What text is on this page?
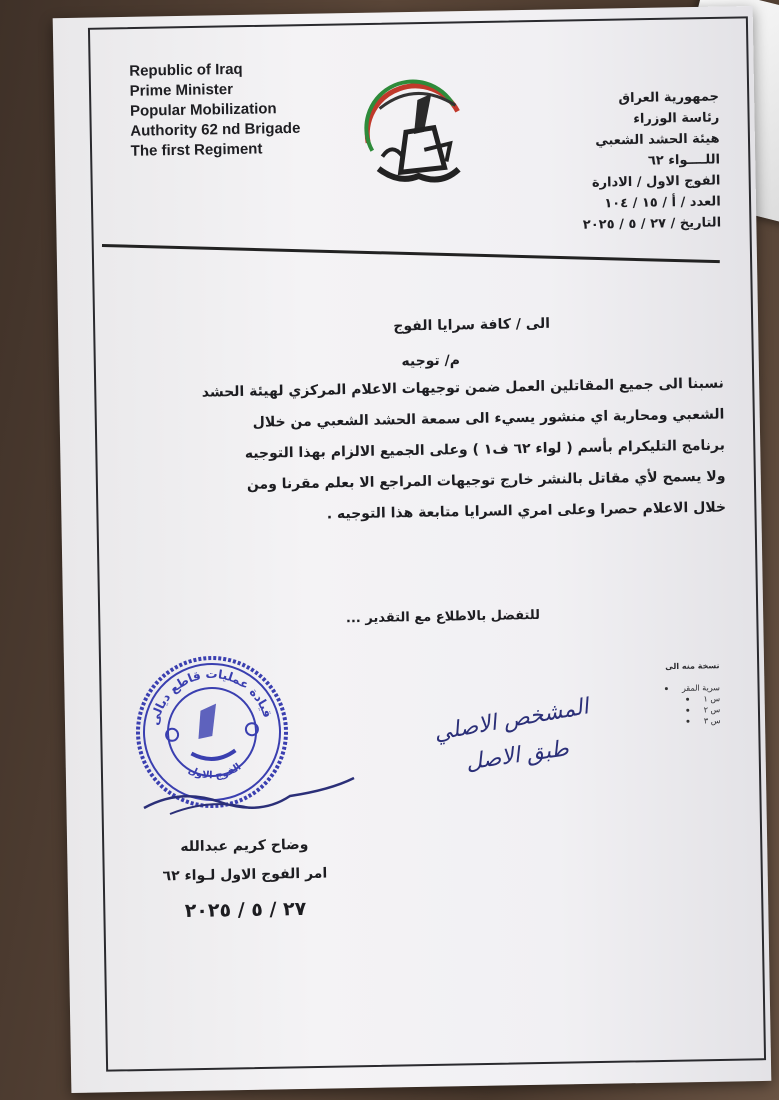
Republic of Iraq
Prime Minister
Popular Mobilization
Authority 62 nd Brigade
The first Regiment
جمهورية العراق
رئاسة الوزراء
هيئة الحشد الشعبي
اللــــواء ٦٢
الفوج الاول / الادارة
العدد / أ / ١٥ / ١٠٤
التاريخ / ٢٧ / ٥ / ٢٠٢٥
الى / كافة سرايا الفوج
م/ توجيه
نسبنا الى جميع المقاتلين العمل ضمن توجيهات الاعلام المركزي لهيئة الحشد
الشعبي ومحاربة اي منشور يسيء الى سمعة الحشد الشعبي من خلال
برنامج التليكرام بأسم ( لواء ٦٢ ف١ ) وعلى الجميع الالزام بهذا التوجيه
ولا يسمح لأي مقاتل بالنشر خارج توجيهات المراجع الا بعلم مقرنا ومن
خلال الاعلام حصرا وعلى امري السرايا متابعة هذا التوجيه .
للتفضل بالاطلاع مع التقدير ...
نسخة منه الى
سرية المقر
س ١
س ٢
س ٣
قيادة عمليات قاطع ديالى
الفوج الاول
المشخص الاصلي
طبق الاصل
وضاح كريم عبدالله
امر الفوج الاول لـواء ٦٢
٢٧ / ٥ / ٢٠٢٥
